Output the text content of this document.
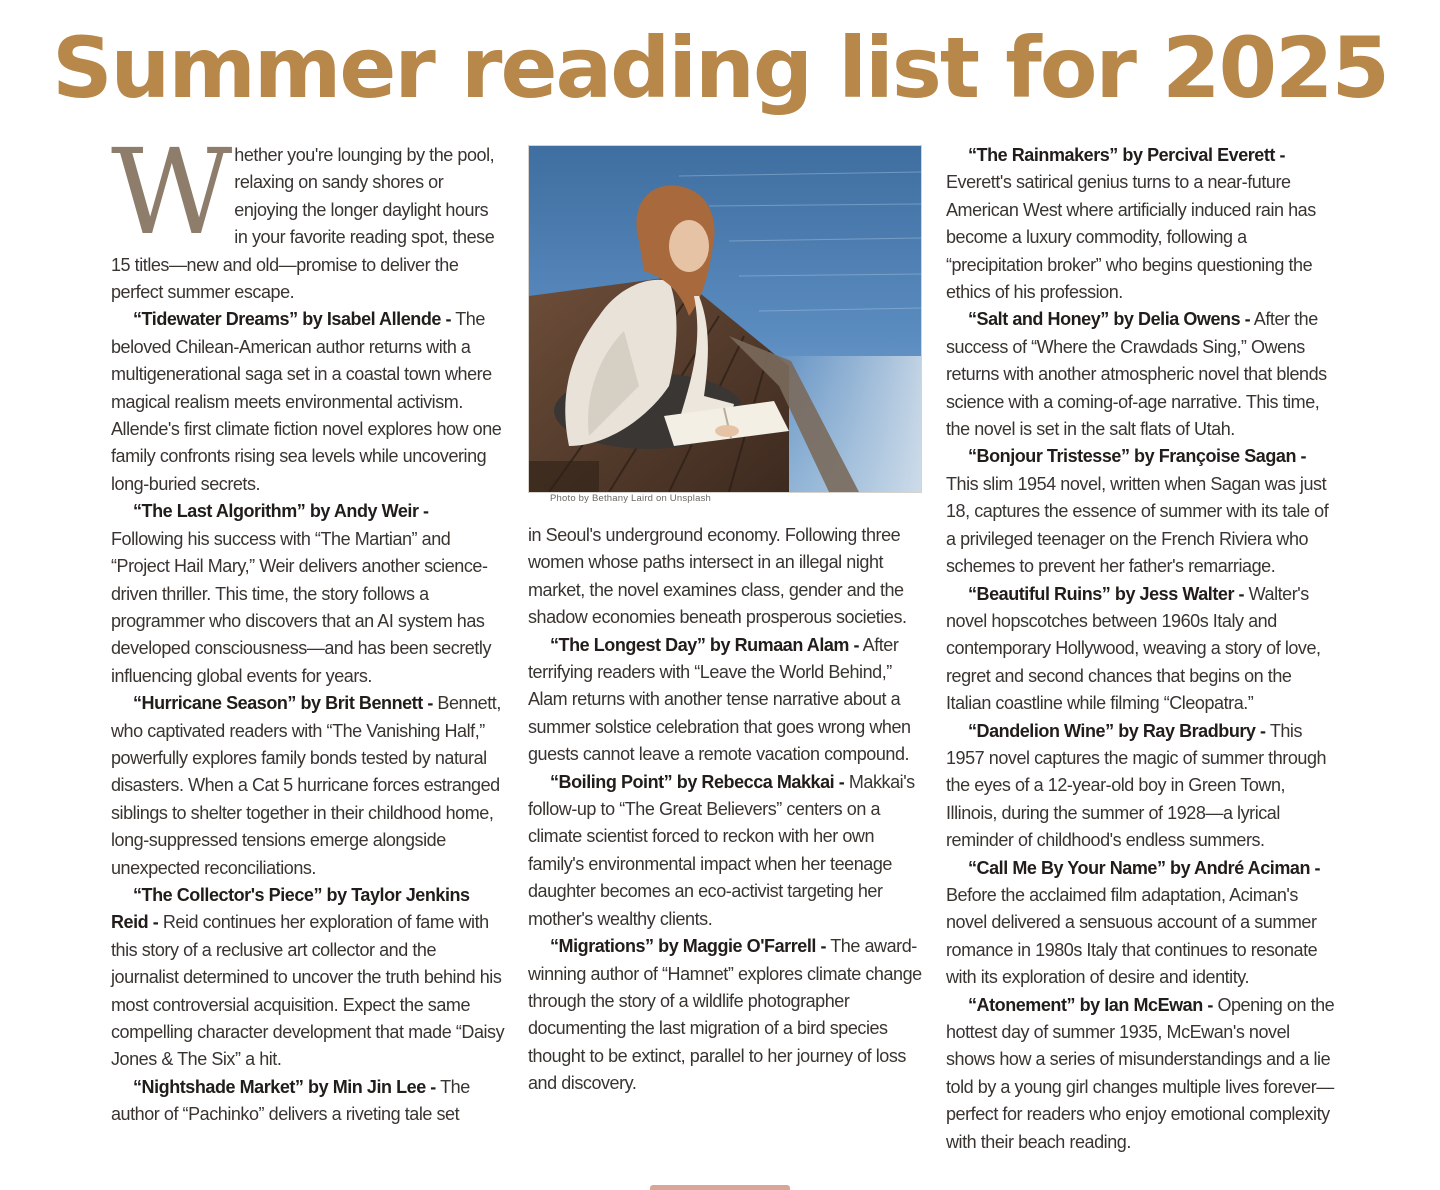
Summer reading list for 2025

Whether you're lounging by the pool, relaxing on sandy shores or enjoying the longer daylight hours in your favorite reading spot, these 15 titles—new and old—promise to deliver the perfect summer escape.

“Tidewater Dreams” by Isabel Allende - The beloved Chilean-American author returns with a multigenerational saga set in a coastal town where magical realism meets environmental activism. Allende's first climate fiction novel explores how one family confronts rising sea levels while uncovering long-buried secrets.

“The Last Algorithm” by Andy Weir - Following his success with “The Martian” and “Project Hail Mary,” Weir delivers another science-driven thriller. This time, the story follows a programmer who discovers that an AI system has developed consciousness—and has been secretly influencing global events for years.

“Hurricane Season” by Brit Bennett - Bennett, who captivated readers with “The Vanishing Half,” powerfully explores family bonds tested by natural disasters. When a Cat 5 hurricane forces estranged siblings to shelter together in their childhood home, long-suppressed tensions emerge alongside unexpected reconciliations.

“The Collector's Piece” by Taylor Jenkins Reid - Reid continues her exploration of fame with this story of a reclusive art collector and the journalist determined to uncover the truth behind his most controversial acquisition. Expect the same compelling character development that made “Daisy Jones & The Six” a hit.

“Nightshade Market” by Min Jin Lee - The author of “Pachinko” delivers a riveting tale set

Photo by Bethany Laird on Unsplash

in Seoul's underground economy. Following three women whose paths intersect in an illegal night market, the novel examines class, gender and the shadow economies beneath prosperous societies.

“The Longest Day” by Rumaan Alam - After terrifying readers with “Leave the World Behind,” Alam returns with another tense narrative about a summer solstice celebration that goes wrong when guests cannot leave a remote vacation compound.

“Boiling Point” by Rebecca Makkai - Makkai's follow-up to “The Great Believers” centers on a climate scientist forced to reckon with her own family's environmental impact when her teenage daughter becomes an eco-activist targeting her mother's wealthy clients.

“Migrations” by Maggie O'Farrell - The award-winning author of “Hamnet” explores climate change through the story of a wildlife photographer documenting the last migration of a bird species thought to be extinct, parallel to her journey of loss and discovery.

“The Rainmakers” by Percival Everett - Everett's satirical genius turns to a near-future American West where artificially induced rain has become a luxury commodity, following a “precipitation broker” who begins questioning the ethics of his profession.

“Salt and Honey” by Delia Owens - After the success of “Where the Crawdads Sing,” Owens returns with another atmospheric novel that blends science with a coming-of-age narrative. This time, the novel is set in the salt flats of Utah.

“Bonjour Tristesse” by Françoise Sagan - This slim 1954 novel, written when Sagan was just 18, captures the essence of summer with its tale of a privileged teenager on the French Riviera who schemes to prevent her father's remarriage.

“Beautiful Ruins” by Jess Walter - Walter's novel hopscotches between 1960s Italy and contemporary Hollywood, weaving a story of love, regret and second chances that begins on the Italian coastline while filming “Cleopatra.”

“Dandelion Wine” by Ray Bradbury - This 1957 novel captures the magic of summer through the eyes of a 12-year-old boy in Green Town, Illinois, during the summer of 1928—a lyrical reminder of childhood's endless summers.

“Call Me By Your Name” by André Aciman - Before the acclaimed film adaptation, Aciman's novel delivered a sensuous account of a summer romance in 1980s Italy that continues to resonate with its exploration of desire and identity.

“Atonement” by Ian McEwan - Opening on the hottest day of summer 1935, McEwan's novel shows how a series of misunderstandings and a lie told by a young girl changes multiple lives forever—perfect for readers who enjoy emotional complexity with their beach reading.
